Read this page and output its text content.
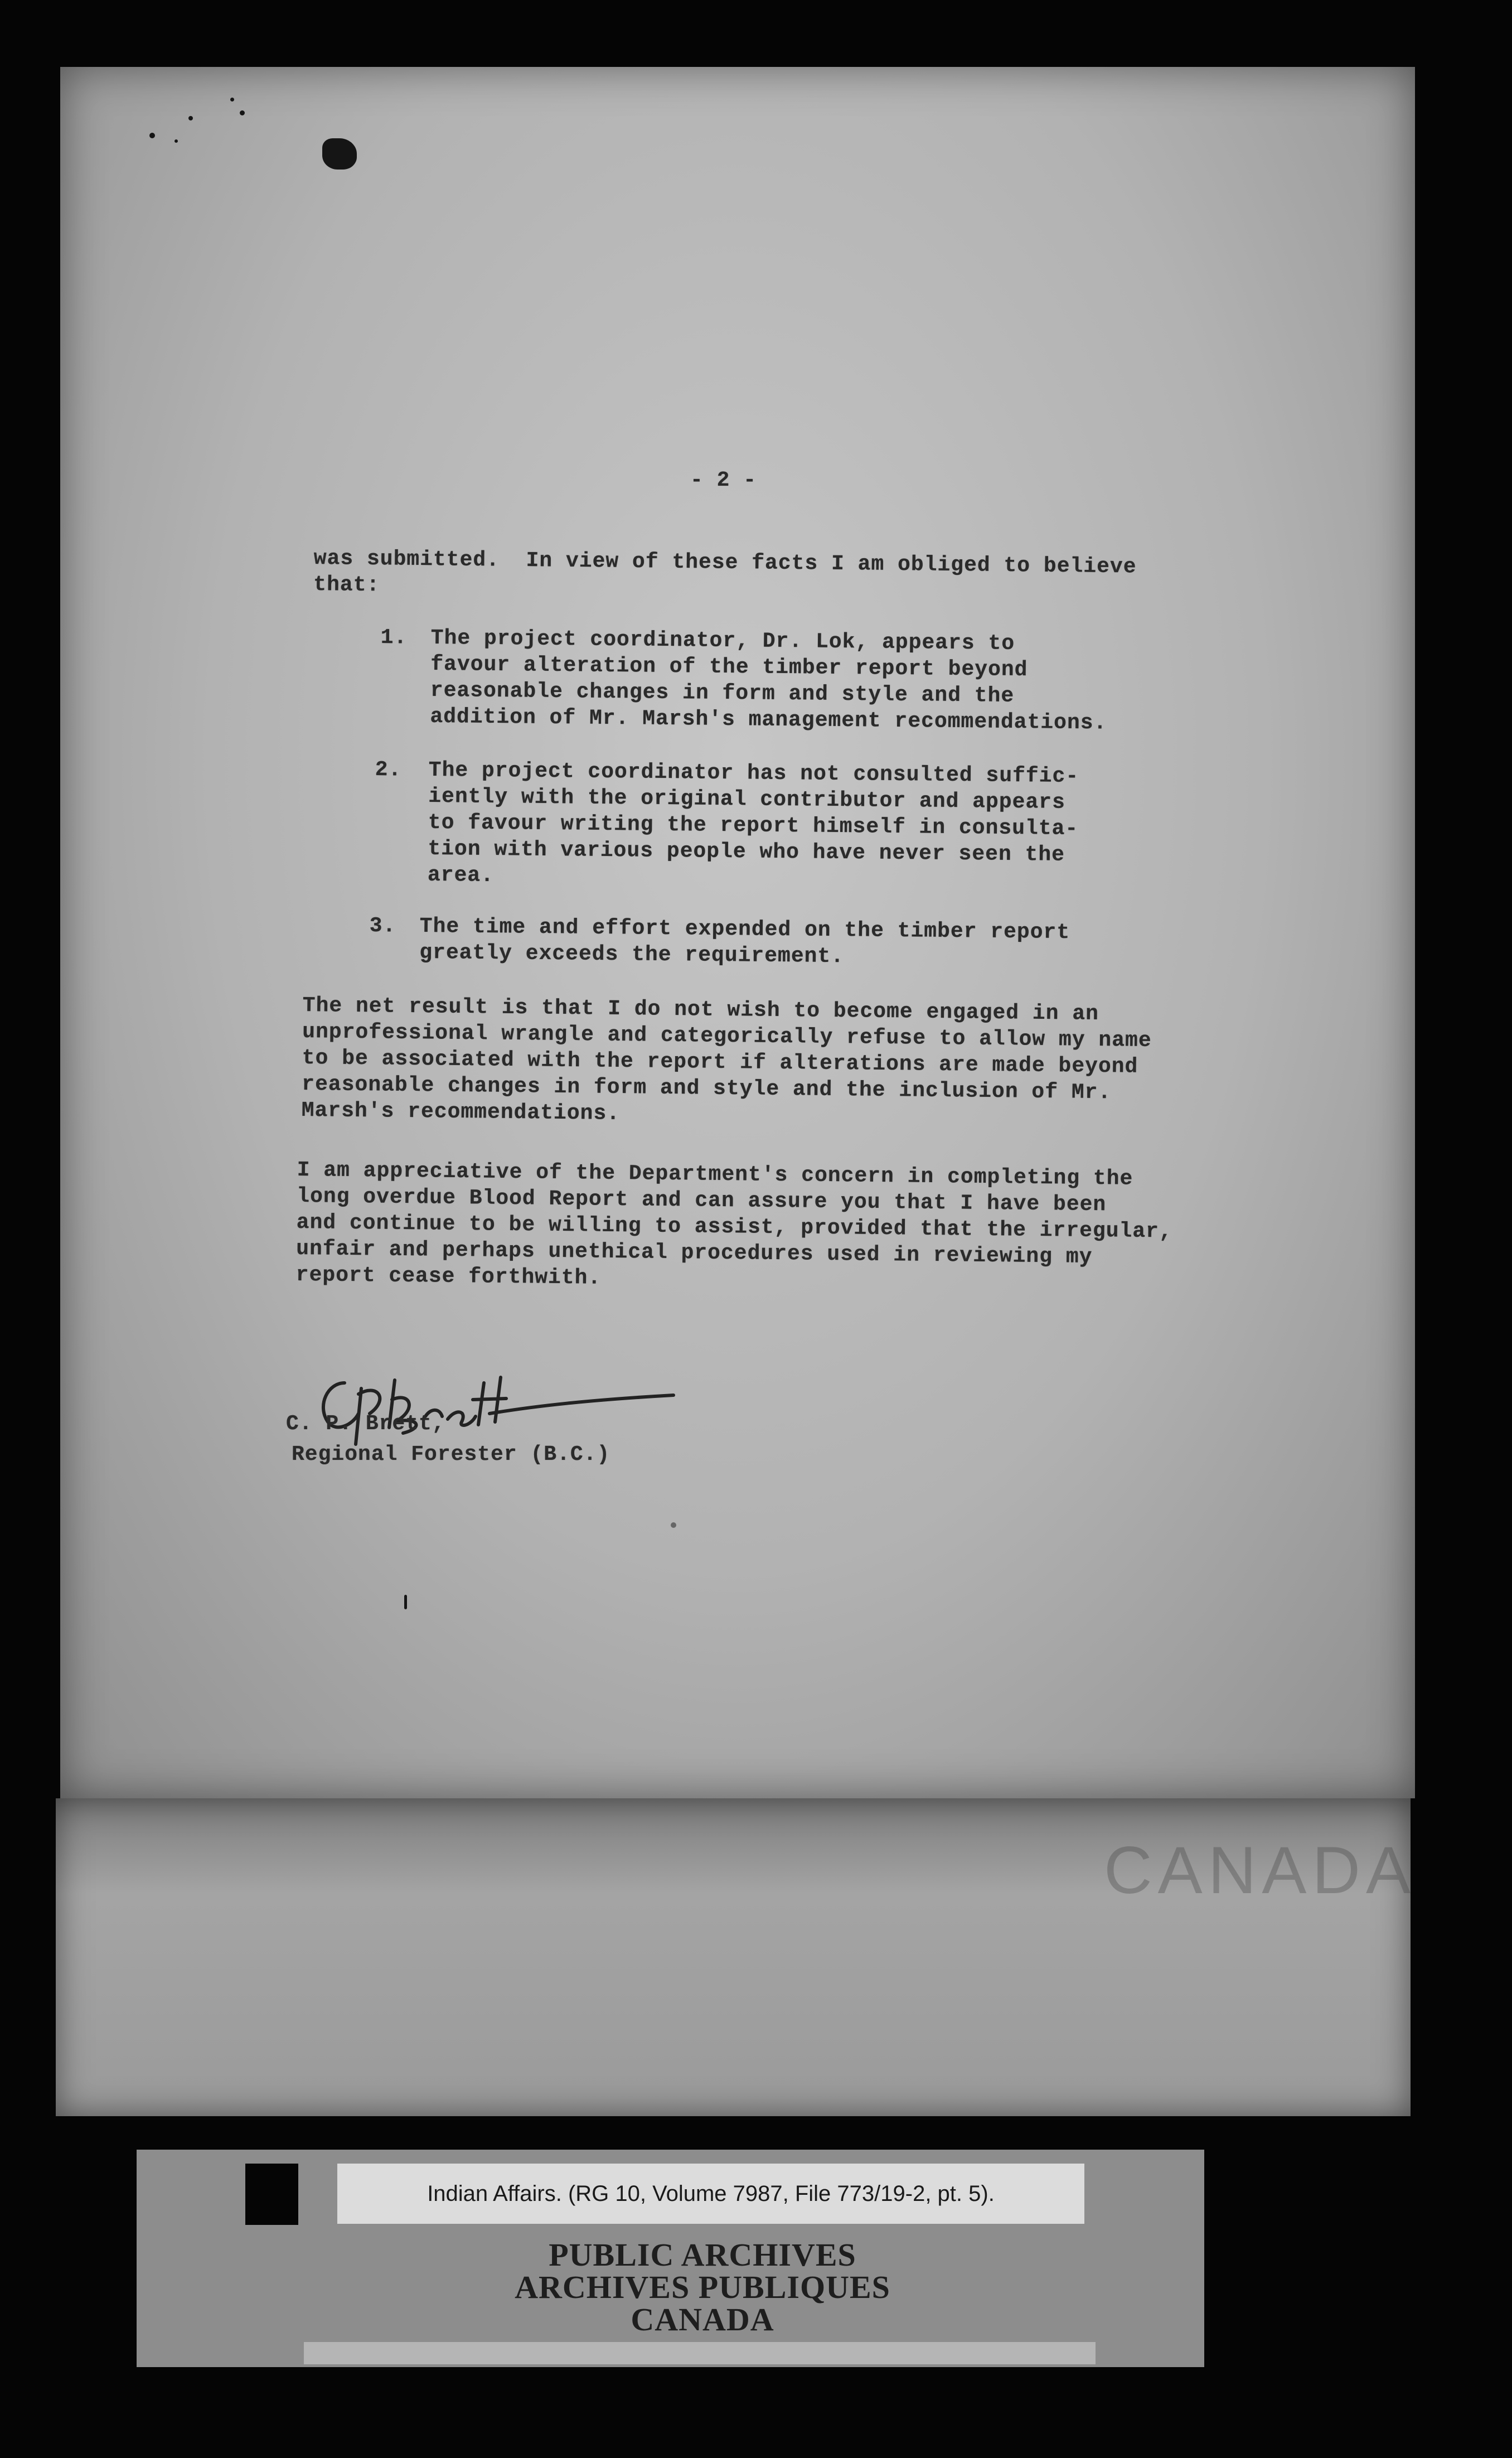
CANADA
- 2 -
was submitted.  In view of these facts I am obliged to believe
that:
1. The project coordinator, Dr. Lok, appears to
favour alteration of the timber report beyond
reasonable changes in form and style and the
addition of Mr. Marsh's management recommendations.
2. The project coordinator has not consulted suffic-
iently with the original contributor and appears
to favour writing the report himself in consulta-
tion with various people who have never seen the
area.
3. The time and effort expended on the timber report
greatly exceeds the requirement.
The net result is that I do not wish to become engaged in an
unprofessional wrangle and categorically refuse to allow my name
to be associated with the report if alterations are made beyond
reasonable changes in form and style and the inclusion of Mr.
Marsh's recommendations.
I am appreciative of the Department's concern in completing the
long overdue Blood Report and can assure you that I have been
and continue to be willing to assist, provided that the irregular,
unfair and perhaps unethical procedures used in reviewing my
report cease forthwith.
C. P. Brett,
Regional Forester (B.C.)
Indian Affairs. (RG 10, Volume 7987, File 773/19-2, pt. 5).
PUBLIC ARCHIVES
ARCHIVES PUBLIQUES
CANADA
